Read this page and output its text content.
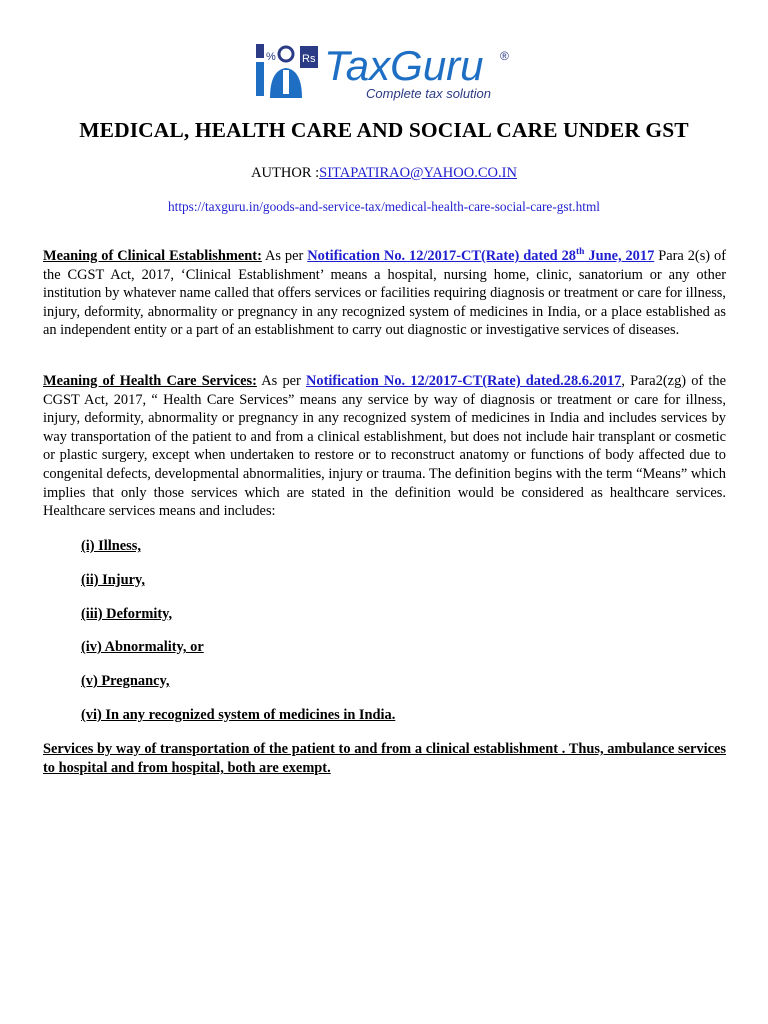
% Rs TaxGuru ®
Complete tax solution
MEDICAL, HEALTH CARE AND SOCIAL CARE UNDER GST
AUTHOR :SITAPATIRAO@YAHOO.CO.IN
https://taxguru.in/goods-and-service-tax/medical-health-care-social-care-gst.html
Meaning of Clinical Establishment: As per Notification No. 12/2017-CT(Rate) dated 28th June, 2017 Para 2(s) of the CGST Act, 2017, ‘Clinical Establishment’ means a hospital, nursing home, clinic, sanatorium or any other institution by whatever name called that offers services or facilities requiring diagnosis or treatment or care for illness, injury, deformity, abnormality or pregnancy in any recognized system of medicines in India, or a place established as an independent entity or a part of an establishment to carry out diagnostic or investigative services of diseases.
Meaning of Health Care Services: As per Notification No. 12/2017-CT(Rate) dated.28.6.2017, Para2(zg) of the CGST Act, 2017, “ Health Care Services” means any service by way of diagnosis or treatment or care for illness, injury, deformity, abnormality or pregnancy in any recognized system of medicines in India and includes services by way transportation of the patient to and from a clinical establishment, but does not include hair transplant or cosmetic or plastic surgery, except when undertaken to restore or to reconstruct anatomy or functions of body affected due to congenital defects, developmental abnormalities, injury or trauma. The definition begins with the term “Means” which implies that only those services which are stated in the definition would be considered as healthcare services. Healthcare services means and includes:
(i) Illness,
(ii) Injury,
(iii) Deformity,
(iv) Abnormality, or
(v) Pregnancy,
(vi) In any recognized system of medicines in India.
Services by way of transportation of the patient to and from a clinical establishment . Thus, ambulance services to hospital and from hospital, both are exempt.
